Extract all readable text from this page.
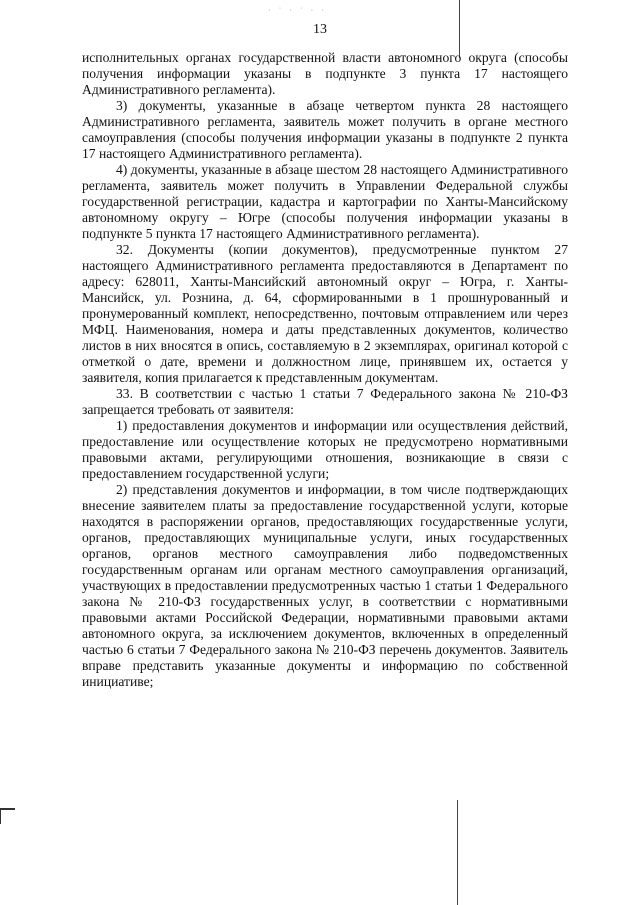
· ˙ · ˙ · ·
13

исполнительных органах государственной власти автономного округа (способы получения информации указаны в подпункте 3 пункта 17 настоящего Административного регламента).

3) документы, указанные в абзаце четвертом пункта 28 настоящего Административного регламента, заявитель может получить в органе местного самоуправления (способы получения информации указаны в подпункте 2 пункта 17 настоящего Административного регламента).

4) документы, указанные в абзаце шестом 28 настоящего Административного регламента, заявитель может получить в Управлении Федеральной службы государственной регистрации, кадастра и картографии по Ханты-Мансийскому автономному округу – Югре (способы получения информации указаны в подпункте 5 пункта 17 настоящего Административного регламента).

32. Документы (копии документов), предусмотренные пунктом 27 настоящего Административного регламента предоставляются в Департамент по адресу: 628011, Ханты-Мансийский автономный округ – Югра, г. Ханты-Мансийск, ул. Рознина, д. 64, сформированными в 1 прошнурованный и пронумерованный комплект, непосредственно, почтовым отправлением или через МФЦ. Наименования, номера и даты представленных документов, количество листов в них вносятся в опись, составляемую в 2 экземплярах, оригинал которой с отметкой о дате, времени и должностном лице, принявшем их, остается у заявителя, копия прилагается к представленным документам.

33. В соответствии с частью 1 статьи 7 Федерального закона № 210-ФЗ запрещается требовать от заявителя:

1) предоставления документов и информации или осуществления действий, предоставление или осуществление которых не предусмотрено нормативными правовыми актами, регулирующими отношения, возникающие в связи с предоставлением государственной услуги;

2) представления документов и информации, в том числе подтверждающих внесение заявителем платы за предоставление государственной услуги, которые находятся в распоряжении органов, предоставляющих государственные услуги, органов, предоставляющих муниципальные услуги, иных государственных органов, органов местного самоуправления либо подведомственных государственным органам или органам местного самоуправления организаций, участвующих в предоставлении предусмотренных частью 1 статьи 1 Федерального закона № 210-ФЗ государственных услуг, в соответствии с нормативными правовыми актами Российской Федерации, нормативными правовыми актами автономного округа, за исключением документов, включенных в определенный частью 6 статьи 7 Федерального закона № 210-ФЗ перечень документов. Заявитель вправе представить указанные документы и информацию по собственной инициативе;
